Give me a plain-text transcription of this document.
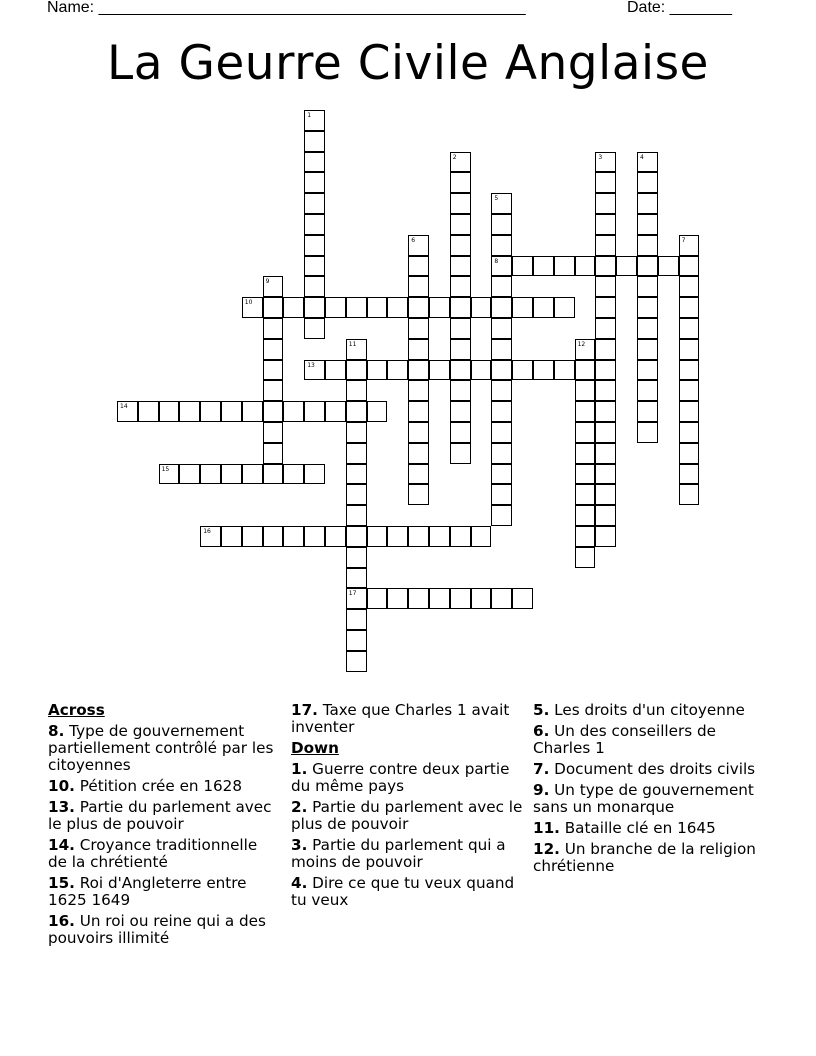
Name: ________________________________________________	Date: _______
La Geurre Civile Anglaise
1
2	3	4
5
8
6	7
9
10
11
17
12
13
14
15
16
Across
8. Type de gouvernement partiellement contrôlé par les citoyennes
10. Pétition crée en 1628
13. Partie du parlement avec le plus de pouvoir
14. Croyance traditionnelle de la chrétienté
15. Roi d'Angleterre entre 1625 1649
16. Un roi ou reine qui a des pouvoirs illimité
17. Taxe que Charles 1 avait inventer
Down
1. Guerre contre deux partie du même pays
2. Partie du parlement avec le plus de pouvoir
3. Partie du parlement qui a moins de pouvoir
4. Dire ce que tu veux quand tu veux
5. Les droits d'un citoyenne
6. Un des conseillers de Charles 1
7. Document des droits civils
9. Un type de gouvernement sans un monarque
11. Bataille clé en 1645
12. Un branche de la religion chrétienne
